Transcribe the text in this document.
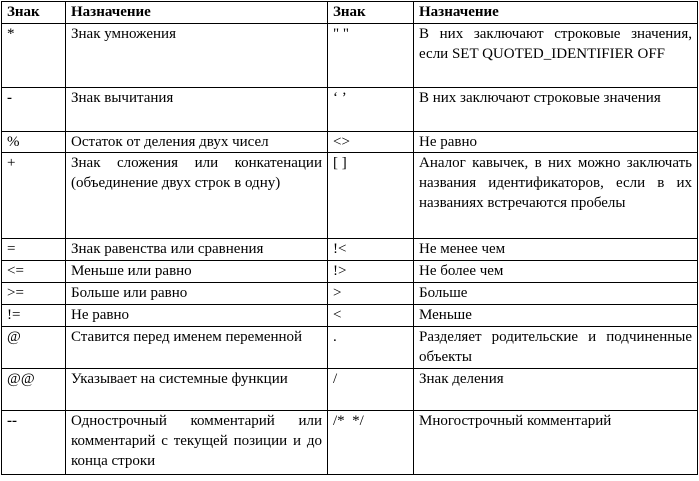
Знак	Назначение	Знак	Назначение
*	Знак умножения	" "	В них заключают строковые значения, если SET QUOTED_IDENTIFIER OFF
-	Знак вычитания	‘ ’	В них заключают строковые значения
%	Остаток от деления двух чисел	<>	Не равно
+	Знак сложения или конкатенации (объединение двух строк в одну)	[ ]	Аналог кавычек, в них можно заключать названия идентификаторов, если в их названиях встречаются пробелы
=	Знак равенства или сравнения	!<	Не менее чем
<=	Меньше или равно	!>	Не более чем
>=	Больше или равно	>	Больше
!=	Не равно	<	Меньше
@	Ставится перед именем переменной	.	Разделяет родительские и подчиненные объекты
@@	Указывает на системные функции	/	Знак деления
--	Однострочный комментарий или комментарий с текущей позиции и до конца строки	/*  */	Многострочный комментарий
